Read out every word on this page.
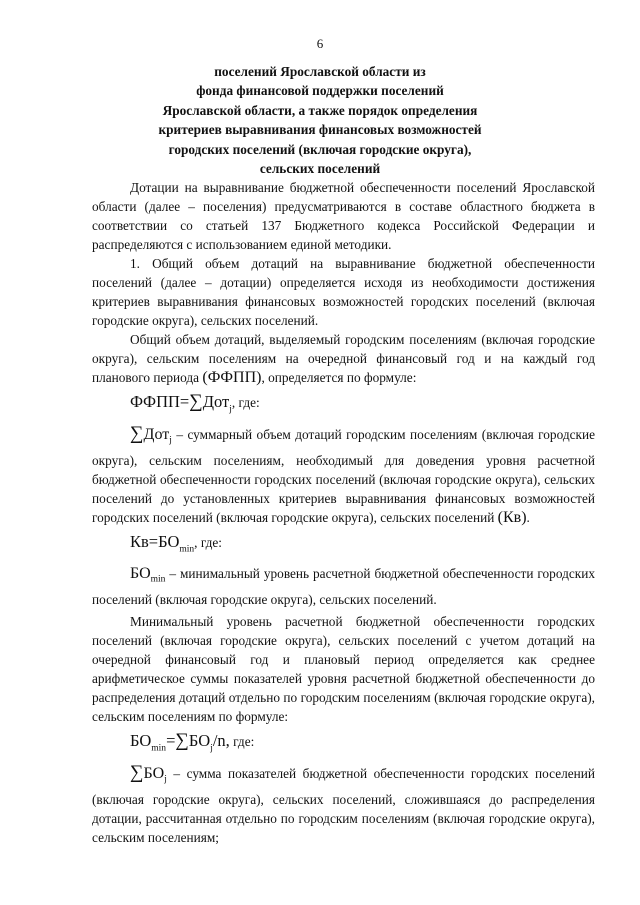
6
поселений Ярославской области из
фонда финансовой поддержки поселений
Ярославской области, а также порядок определения
критериев выравнивания финансовых возможностей
городских поселений (включая городские округа),
сельских поселений

Дотации на выравнивание бюджетной обеспеченности поселений Ярославской области (далее – поселения) предусматриваются в составе областного бюджета в соответствии со статьей 137 Бюджетного кодекса Российской Федерации и распределяются с использованием единой методики.

1. Общий объем дотаций на выравнивание бюджетной обеспеченности поселений (далее – дотации) определяется исходя из необходимости достижения критериев выравнивания финансовых возможностей городских поселений (включая городские округа), сельских поселений.

Общий объем дотаций, выделяемый городским поселениям (включая городские округа), сельским поселениям на очередной финансовый год и на каждый год планового периода (ФФПП), определяется по формуле:

ФФПП=∑Дот$_j$, где:

∑Дот$_j$ – суммарный объем дотаций городским поселениям (включая городские округа), сельским поселениям, необходимый для доведения уровня расчетной бюджетной обеспеченности городских поселений (включая городские округа), сельских поселений до установленных критериев выравнивания финансовых возможностей городских поселений (включая городские округа), сельских поселений (Кв).

$Кв=БО_{min}$, где:

$БО_{min}$ – минимальный уровень расчетной бюджетной обеспеченности городских поселений (включая городские округа), сельских поселений.

Минимальный уровень расчетной бюджетной обеспеченности городских поселений (включая городские округа), сельских поселений с учетом дотаций на очередной финансовый год и плановый период определяется как среднее арифметическое суммы показателей уровня расчетной бюджетной обеспеченности до распределения дотаций отдельно по городским поселениям (включая городские округа), сельским поселениям по формуле:

$БО_{min}=\sum БО_j/n$, где:

$\sum БО_j$ – сумма показателей бюджетной обеспеченности городских поселений (включая городские округа), сельских поселений, сложившаяся до распределения дотации, рассчитанная отдельно по городским поселениям (включая городские округа), сельским поселениям;
